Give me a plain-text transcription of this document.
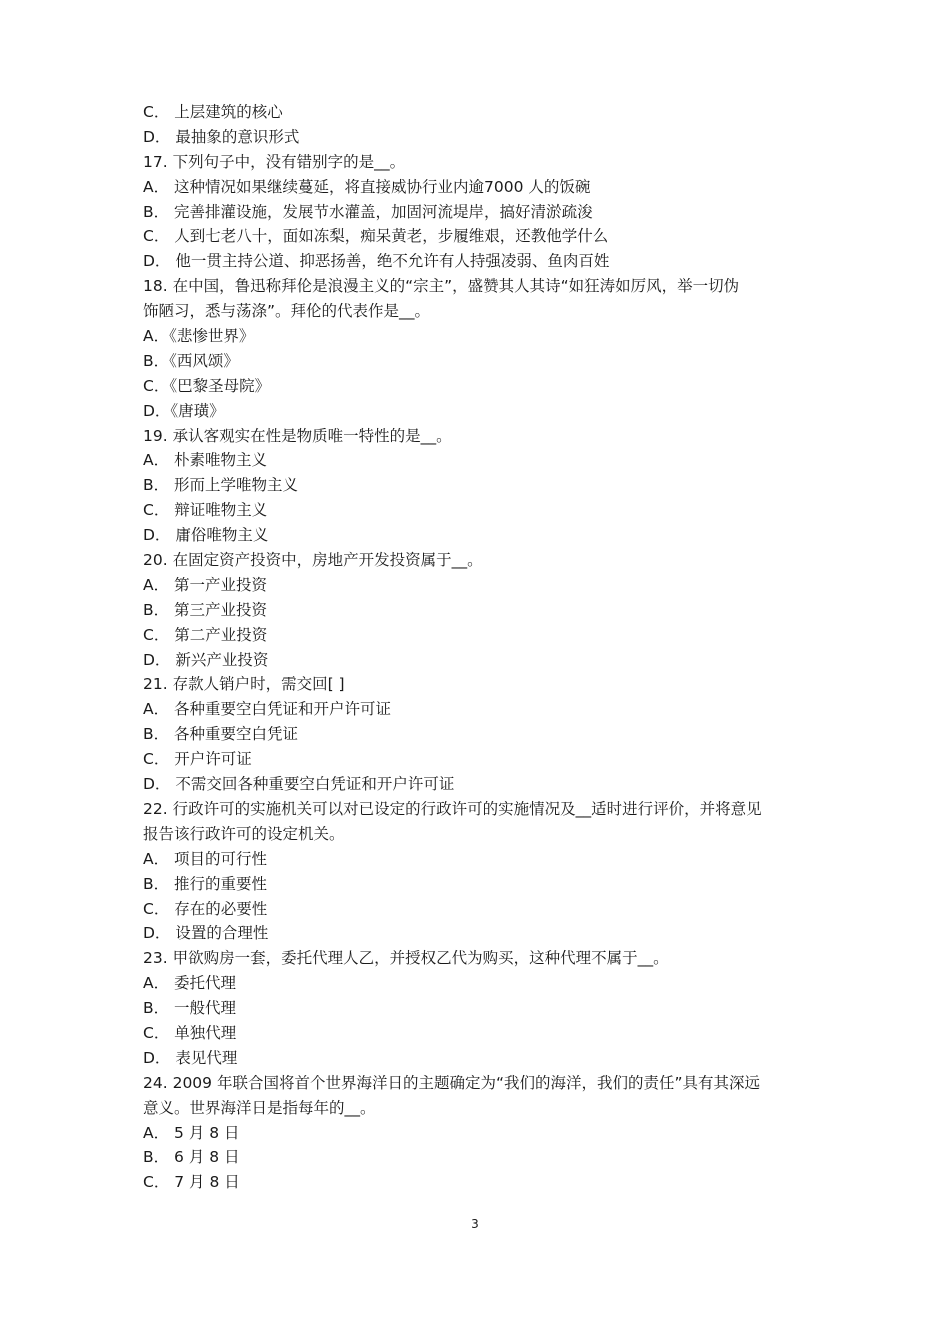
C． 上层建筑的核心
D． 最抽象的意识形式
17. 下列句子中，没有错别字的是__。
A． 这种情况如果继续蔓延，将直接威协行业内逾7000 人的饭碗
B． 完善排灌设施，发展节水灌盖，加固河流堤岸，搞好清淤疏浚
C． 人到七老八十，面如冻梨，痴呆黄老，步履维艰，还教他学什么
D． 他一贯主持公道、抑恶扬善，绝不允许有人持强凌弱、鱼肉百姓
18. 在中国，鲁迅称拜伦是浪漫主义的“宗主”，盛赞其人其诗“如狂涛如厉风，举一切伪
饰陋习，悉与荡涤”。拜伦的代表作是__。
A．《悲惨世界》
B．《西风颂》
C．《巴黎圣母院》
D．《唐璜》
19. 承认客观实在性是物质唯一特性的是__。
A． 朴素唯物主义
B． 形而上学唯物主义
C． 辩证唯物主义
D． 庸俗唯物主义
20. 在固定资产投资中，房地产开发投资属于__。
A． 第一产业投资
B． 第三产业投资
C． 第二产业投资
D． 新兴产业投资
21. 存款人销户时，需交回[ ]
A． 各种重要空白凭证和开户许可证
B． 各种重要空白凭证
C． 开户许可证
D． 不需交回各种重要空白凭证和开户许可证
22. 行政许可的实施机关可以对已设定的行政许可的实施情况及__适时进行评价，并将意见
报告该行政许可的设定机关。
A． 项目的可行性
B． 推行的重要性
C． 存在的必要性
D． 设置的合理性
23. 甲欲购房一套，委托代理人乙，并授权乙代为购买，这种代理不属于__。
A． 委托代理
B． 一般代理
C． 单独代理
D． 表见代理
24. 2009 年联合国将首个世界海洋日的主题确定为“我们的海洋，我们的责任”具有其深远
意义。世界海洋日是指每年的__。
A． 5 月 8 日
B． 6 月 8 日
C． 7 月 8 日
3
